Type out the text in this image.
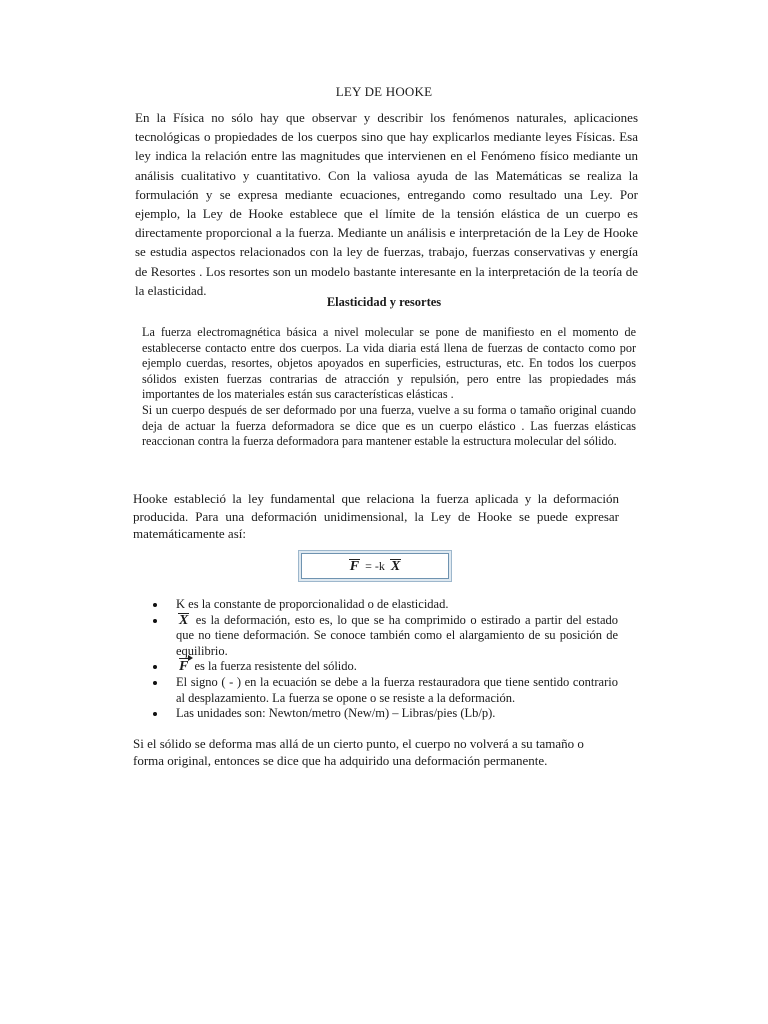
LEY DE HOOKE
En la Física no sólo hay que observar y describir los fenómenos naturales, aplicaciones tecnológicas o propiedades de los cuerpos sino que hay explicarlos mediante leyes Físicas. Esa ley indica la relación entre las magnitudes que intervienen en el Fenómeno físico mediante un análisis cualitativo y cuantitativo. Con la valiosa ayuda de las Matemáticas se realiza la formulación y se expresa mediante ecuaciones, entregando como resultado una Ley. Por ejemplo, la Ley de Hooke establece que el límite de la tensión elástica de un cuerpo es directamente proporcional a la fuerza. Mediante un análisis e interpretación de la Ley de Hooke se estudia aspectos relacionados con la ley de fuerzas, trabajo, fuerzas conservativas y energía de Resortes . Los resortes son un modelo bastante interesante en la interpretación de la teoría de la elasticidad.
Elasticidad y resortes

La fuerza electromagnética básica a nivel molecular se pone de manifiesto en el momento de establecerse contacto entre dos cuerpos. La vida diaria está llena de fuerzas de contacto como por ejemplo cuerdas, resortes, objetos apoyados en superficies, estructuras, etc. En todos los cuerpos sólidos existen fuerzas contrarias de atracción y repulsión, pero entre las propiedades más importantes de los materiales están sus características elásticas .

Si un cuerpo después de ser deformado por una fuerza, vuelve a su forma o tamaño original cuando deja de actuar la fuerza deformadora se dice que es un cuerpo elástico . Las fuerzas elásticas reaccionan contra la fuerza deformadora para mantener estable la estructura molecular del sólido.

Hooke estableció la ley fundamental que relaciona la fuerza aplicada y la deformación producida. Para una deformación unidimensional, la Ley de Hooke se puede expresar matemáticamente así:
F = -k X
K es la constante de proporcionalidad o de elasticidad.
X es la deformación, esto es, lo que se ha comprimido o estirado a partir del estado que no tiene deformación. Se conoce también como el alargamiento de su posición de equilibrio.
F es la fuerza resistente del sólido.
El signo ( - ) en la ecuación se debe a la fuerza restauradora que tiene sentido contrario al desplazamiento. La fuerza se opone o se resiste a la deformación.
Las unidades son: Newton/metro (New/m) – Libras/pies (Lb/p).
Si el sólido se deforma mas allá de un cierto punto, el cuerpo no volverá a su tamaño o forma original, entonces se dice que ha adquirido una deformación permanente.
